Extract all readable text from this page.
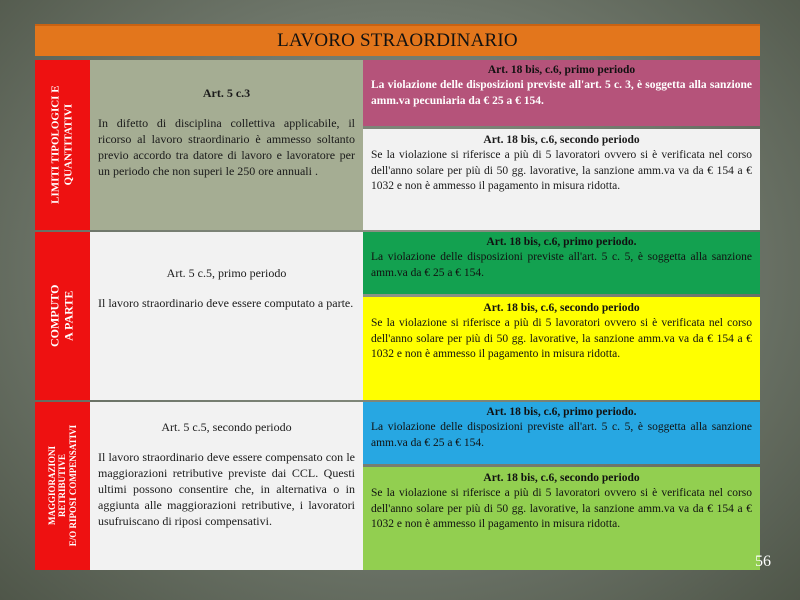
LAVORO STRAORDINARIO
LIMITI TIPOLOGICI E QUANTITATIVI
Art. 5 c.3
In difetto di disciplina collettiva applicabile, il ricorso al lavoro straordinario è ammesso soltanto previo accordo tra datore di lavoro e lavoratore per un periodo che non superi le 250 ore annuali .
Art. 18 bis, c.6, primo periodo
La violazione delle disposizioni previste all'art. 5 c. 3, è soggetta alla sanzione amm.va pecuniaria da € 25 a € 154.
Art. 18 bis, c.6, secondo periodo
Se la violazione si riferisce a più di 5 lavoratori ovvero si è verificata nel corso dell'anno solare per più di 50 gg. lavorative, la sanzione amm.va va da € 154 a € 1032 e non è ammesso il pagamento in misura ridotta.
COMPUTO A PARTE
Art. 5 c.5, primo periodo
Il lavoro straordinario deve essere computato a parte.
Art. 18 bis, c.6, primo periodo.
La violazione delle disposizioni previste all'art. 5 c. 5, è soggetta alla sanzione amm.va da € 25 a € 154.
Art. 18 bis, c.6, secondo periodo
Se la violazione si riferisce a più di 5 lavoratori ovvero si è verificata nel corso dell'anno solare per più di 50 gg. lavorative, la sanzione amm.va va da € 154 a € 1032 e non è ammesso il pagamento in misura ridotta.
MAGGIORAZIONI RETRIBUTIVE E/O RIPOSI COMPENSATIVI	Art. 5 c.5, secondo periodo
Il lavoro straordinario deve essere compensato con le maggiorazioni retributive previste dai CCL. Questi ultimi possono consentire che, in alternativa o in aggiunta alle maggiorazioni retributive, i lavoratori usufruiscano di riposi compensativi.
Art. 18 bis, c.6, primo periodo.
La violazione delle disposizioni previste all'art. 5 c. 5, è soggetta alla sanzione amm.va da € 25 a € 154.
Art. 18 bis, c.6, secondo periodo
Se la violazione si riferisce a più di 5 lavoratori ovvero si è verificata nel corso dell'anno solare per più di 50 gg. lavorative, la sanzione amm.va va da € 154 a € 1032 e non è ammesso il pagamento in misura ridotta.
56
